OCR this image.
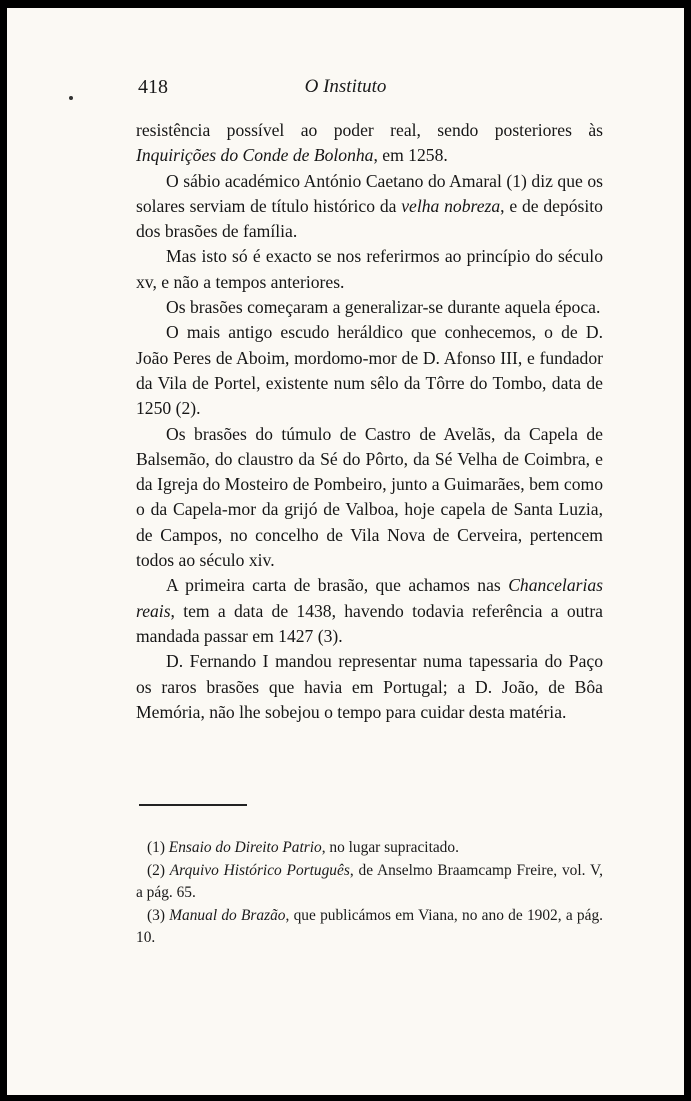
418	O Instituto

resistência possível ao poder real, sendo posteriores às Inquirições do Conde de Bolonha, em 1258.

O sábio académico António Caetano do Amaral (1) diz que os solares serviam de título histórico da velha nobreza, e de depósito dos brasões de família.

Mas isto só é exacto se nos referirmos ao princípio do século xv, e não a tempos anteriores.

Os brasões começaram a generalizar-se durante aquela época.

O mais antigo escudo heráldico que conhecemos, o de D. João Peres de Aboim, mordomo-mor de D. Afonso III, e fundador da Vila de Portel, existente num sêlo da Tôrre do Tombo, data de 1250 (2).

Os brasões do túmulo de Castro de Avelãs, da Capela de Balsemão, do claustro da Sé do Pôrto, da Sé Velha de Coimbra, e da Igreja do Mosteiro de Pombeiro, junto a Guimarães, bem como o da Capela-mor da grijó de Valboa, hoje capela de Santa Luzia, de Campos, no concelho de Vila Nova de Cerveira, pertencem todos ao século xiv.

A primeira carta de brasão, que achamos nas Chancelarias reais, tem a data de 1438, havendo todavia referência a outra mandada passar em 1427 (3).

D. Fernando I mandou representar numa tapessaria do Paço os raros brasões que havia em Portugal; a D. João, de Bôa Memória, não lhe sobejou o tempo para cuidar desta matéria.

(1) Ensaio do Direito Patrio, no lugar supracitado.

(2) Arquivo Histórico Português, de Anselmo Braamcamp Freire, vol. V, a pág. 65.

(3) Manual do Brazão, que publicámos em Viana, no ano de 1902, a pág. 10.
